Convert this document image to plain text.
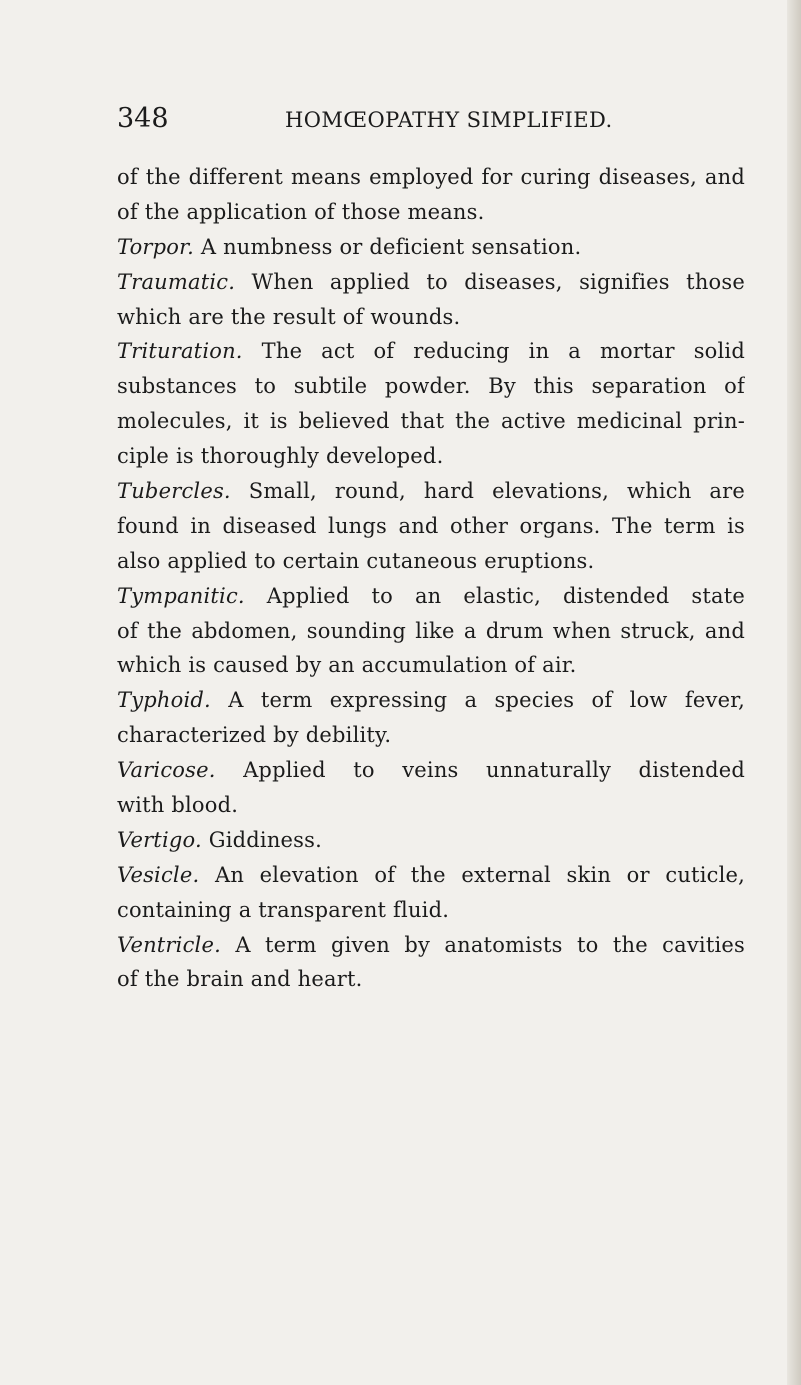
348	HOMŒOPATHY SIMPLIFIED.
of the different means employed for curing diseases, and
of the application of those means.
Torpor. A numbness or deficient sensation.
Traumatic. When applied to diseases, signifies those
which are the result of wounds.
Trituration. The act of reducing in a mortar solid
substances to subtile powder. By this separation of
molecules, it is believed that the active medicinal prin-
ciple is thoroughly developed.
Tubercles. Small, round, hard elevations, which are
found in diseased lungs and other organs. The term is
also applied to certain cutaneous eruptions.
Tympanitic. Applied to an elastic, distended state
of the abdomen, sounding like a drum when struck, and
which is caused by an accumulation of air.
Typhoid. A term expressing a species of low fever,
characterized by debility.
Varicose. Applied to veins unnaturally distended
with blood.
Vertigo. Giddiness.
Vesicle. An elevation of the external skin or cuticle,
containing a transparent fluid.
Ventricle. A term given by anatomists to the cavities
of the brain and heart.
